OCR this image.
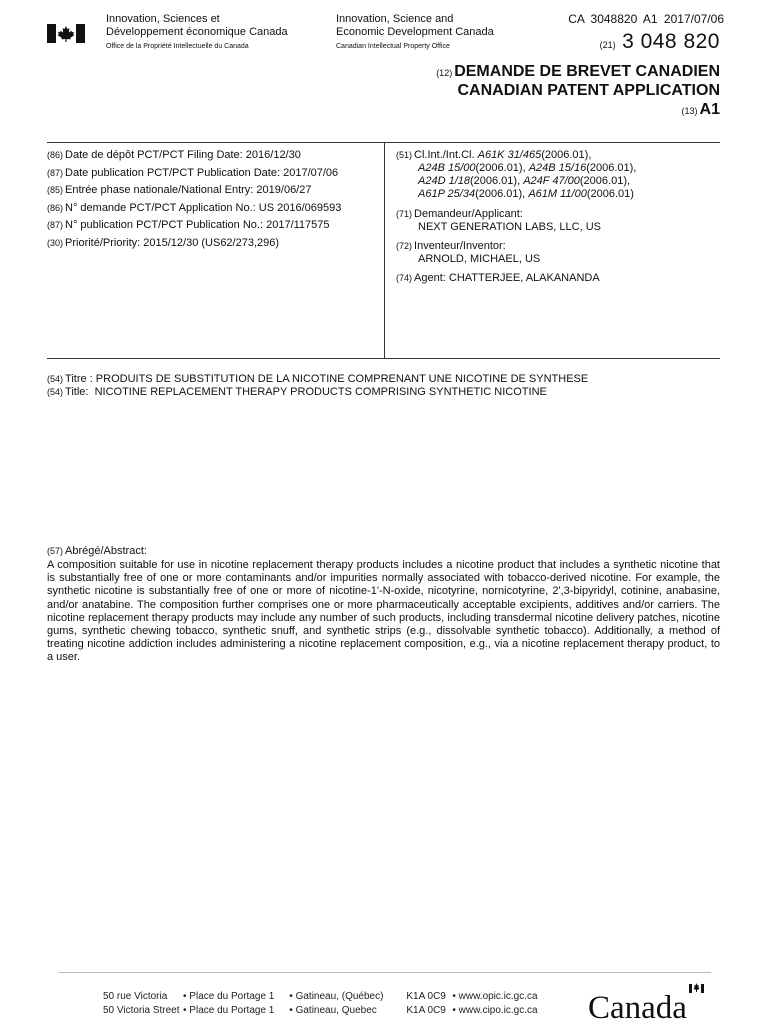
Innovation, Sciences et
Développement économique Canada
Office de la Propriété Intellectuelle du Canada
Innovation, Science and
Economic Development Canada
Canadian Intellectual Property Office
CA 3048820 A1 2017/07/06
(21) 3 048 820
(12) DEMANDE DE BREVET CANADIEN
CANADIAN PATENT APPLICATION
(13) A1
(86) Date de dépôt PCT/PCT Filing Date: 2016/12/30
(87) Date publication PCT/PCT Publication Date: 2017/07/06
(85) Entrée phase nationale/National Entry: 2019/06/27
(86) N° demande PCT/PCT Application No.: US 2016/069593
(87) N° publication PCT/PCT Publication No.: 2017/117575
(30) Priorité/Priority: 2015/12/30 (US62/273,296)
(51) Cl.Int./Int.Cl. A61K 31/465(2006.01),
A24B 15/00(2006.01), A24B 15/16(2006.01),
A24D 1/18(2006.01), A24F 47/00(2006.01),
A61P 25/34(2006.01), A61M 11/00(2006.01)
(71) Demandeur/Applicant:
NEXT GENERATION LABS, LLC, US
(72) Inventeur/Inventor:
ARNOLD, MICHAEL, US
(74) Agent: CHATTERJEE, ALAKANANDA
(54) Titre : PRODUITS DE SUBSTITUTION DE LA NICOTINE COMPRENANT UNE NICOTINE DE SYNTHESE
(54) Title: NICOTINE REPLACEMENT THERAPY PRODUCTS COMPRISING SYNTHETIC NICOTINE
(57) Abrégé/Abstract:
A composition suitable for use in nicotine replacement therapy products includes a nicotine product that includes a synthetic nicotine that is substantially free of one or more contaminants and/or impurities normally associated with tobacco-derived nicotine. For example, the synthetic nicotine is substantially free of one or more of nicotine-1'-N-oxide, nicotyrine, nornicotyrine, 2',3-bipyridyl, cotinine, anabasine, and/or anatabine. The composition further comprises one or more pharmaceutically acceptable excipients, additives and/or carriers. The nicotine replacement therapy products may include any number of such products, including transdermal nicotine delivery patches, nicotine gums, synthetic chewing tobacco, synthetic snuff, and synthetic strips (e.g., dissolvable synthetic tobacco). Additionally, a method of treating nicotine addiction includes administering a nicotine replacement composition, e.g., via a nicotine replacement therapy product, to a user.
50 rue Victoria • Place du Portage 1 • Gatineau, (Québec) K1A 0C9 • www.opic.ic.gc.ca
50 Victoria Street • Place du Portage 1 • Gatineau, Quebec	K1A 0C9 • www.cipo.ic.gc.ca	Canada
